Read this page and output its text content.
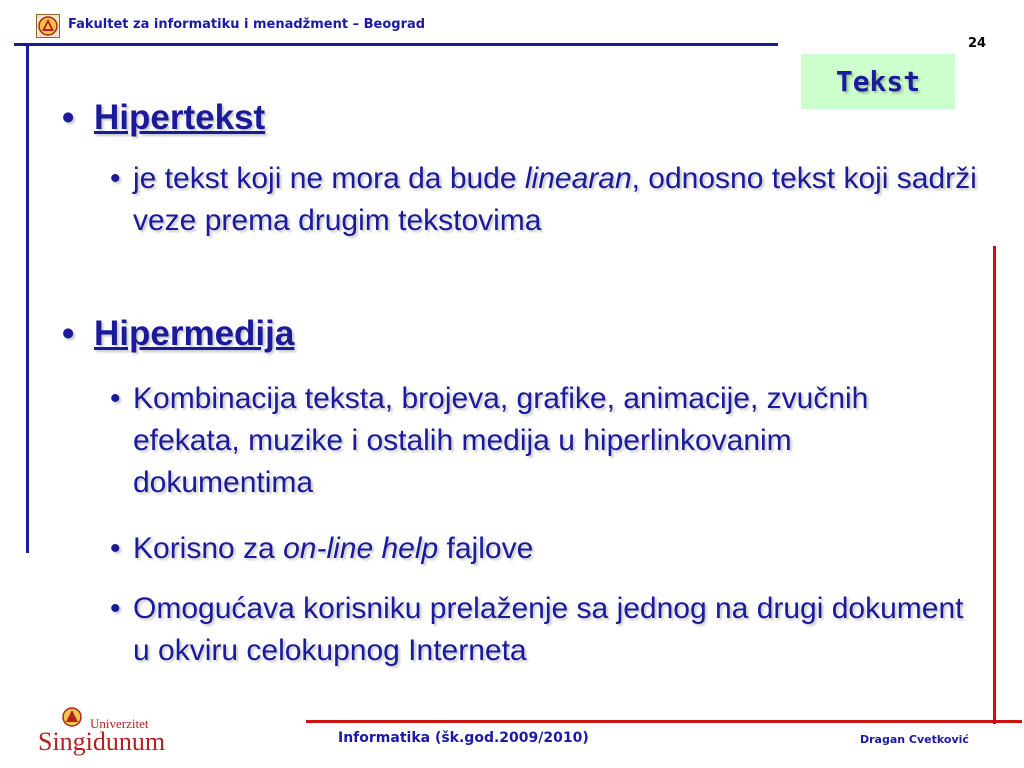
Fakultet za informatiku i menadžment – Beograd
24
Tekst
• Hipertekst
• je tekst koji ne mora da bude linearan, odnosno tekst koji sadrži veze prema drugim tekstovima
• Hipermedija
• Kombinacija teksta, brojeva, grafike, animacije, zvučnih efekata, muzike i ostalih medija u hiperlinkovanim dokumentima
• Korisno za on-line help fajlove
• Omogućava korisniku prelaženje sa jednog na drugi dokument u okviru celokupnog Interneta
Univerzitet
Singidunum	Informatika (šk.god.2009/2010)	Dragan Cvetković
